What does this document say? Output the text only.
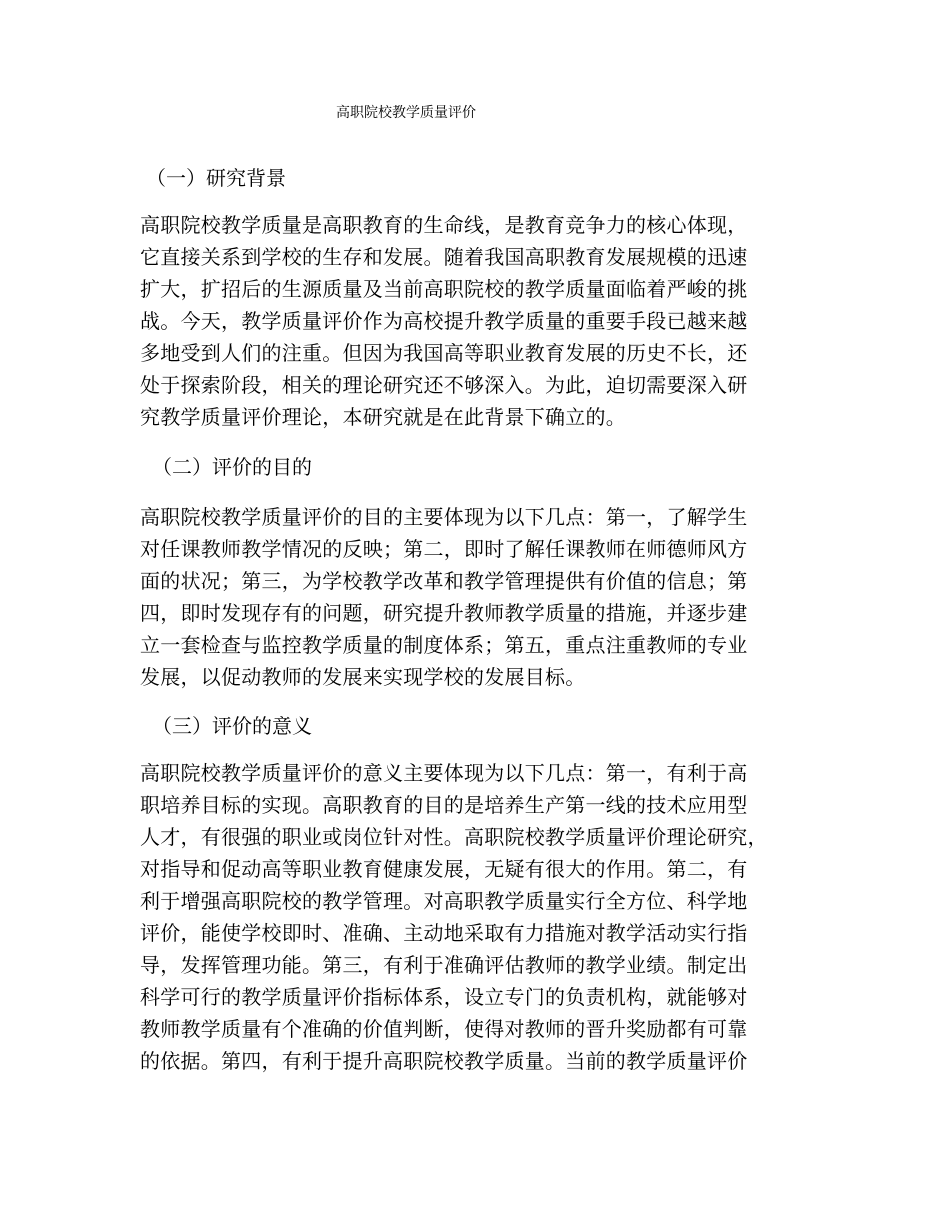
高职院校教学质量评价
（一）研究背景
高职院校教学质量是高职教育的生命线，是教育竞争力的核心体现，
它直接关系到学校的生存和发展。随着我国高职教育发展规模的迅速
扩大，扩招后的生源质量及当前高职院校的教学质量面临着严峻的挑
战。今天，教学质量评价作为高校提升教学质量的重要手段已越来越
多地受到人们的注重。但因为我国高等职业教育发展的历史不长，还
处于探索阶段，相关的理论研究还不够深入。为此，迫切需要深入研
究教学质量评价理论，本研究就是在此背景下确立的。
（二）评价的目的
高职院校教学质量评价的目的主要体现为以下几点：第一，了解学生
对任课教师教学情况的反映；第二，即时了解任课教师在师德师风方
面的状况；第三，为学校教学改革和教学管理提供有价值的信息；第
四，即时发现存有的问题，研究提升教师教学质量的措施，并逐步建
立一套检查与监控教学质量的制度体系；第五，重点注重教师的专业
发展，以促动教师的发展来实现学校的发展目标。
（三）评价的意义
高职院校教学质量评价的意义主要体现为以下几点：第一，有利于高
职培养目标的实现。高职教育的目的是培养生产第一线的技术应用型
人才，有很强的职业或岗位针对性。高职院校教学质量评价理论研究，
对指导和促动高等职业教育健康发展，无疑有很大的作用。第二，有
利于增强高职院校的教学管理。对高职教学质量实行全方位、科学地
评价，能使学校即时、准确、主动地采取有力措施对教学活动实行指
导，发挥管理功能。第三，有利于准确评估教师的教学业绩。制定出
科学可行的教学质量评价指标体系，设立专门的负责机构，就能够对
教师教学质量有个准确的价值判断，使得对教师的晋升奖励都有可靠
的依据。第四，有利于提升高职院校教学质量。当前的教学质量评价
